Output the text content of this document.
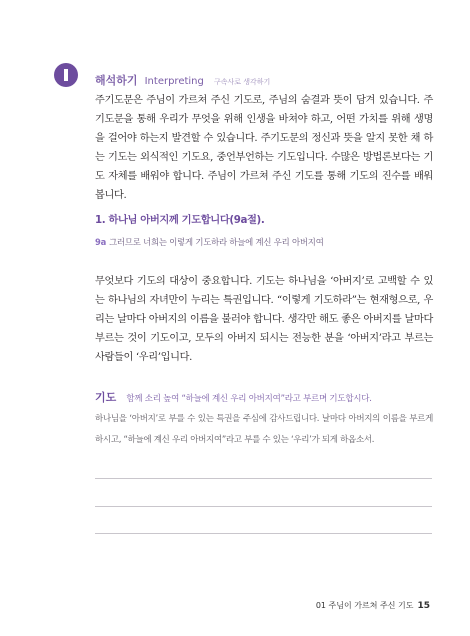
해석하기 Interpreting 구속사로 생각하기

주기도문은 주님이 가르쳐 주신 기도로, 주님의 숨결과 뜻이 담겨 있습니다. 주기도문을 통해 우리가 무엇을 위해 인생을 바쳐야 하고, 어떤 가치를 위해 생명을 걸어야 하는지 발견할 수 있습니다. 주기도문의 정신과 뜻을 알지 못한 채 하는 기도는 외식적인 기도요, 중언부언하는 기도입니다. 수많은 방법론보다는 기도 자체를 배워야 합니다. 주님이 가르쳐 주신 기도를 통해 기도의 진수를 배워 봅니다.

1. 하나님 아버지께 기도합니다(9a절).
9a 그러므로 너희는 이렇게 기도하라 하늘에 계신 우리 아버지여

무엇보다 기도의 대상이 중요합니다. 기도는 하나님을 ‘아버지’로 고백할 수 있는 하나님의 자녀만이 누리는 특권입니다. “이렇게 기도하라”는 현재형으로, 우리는 날마다 아버지의 이름을 불러야 합니다. 생각만 해도 좋은 아버지를 날마다 부르는 것이 기도이고, 모두의 아버지 되시는 전능한 분을 ‘아버지’라고 부르는 사람들이 ‘우리’입니다.

기도 함께 소리 높여 “하늘에 계신 우리 아버지여”라고 부르며 기도합시다.

하나님을 ‘아버지’로 부를 수 있는 특권을 주심에 감사드립니다. 날마다 아버지의 이름을 부르게 하시고, “하늘에 계신 우리 아버지여”라고 부를 수 있는 ‘우리’가 되게 하옵소서.

01 주님이 가르쳐 주신 기도 15
